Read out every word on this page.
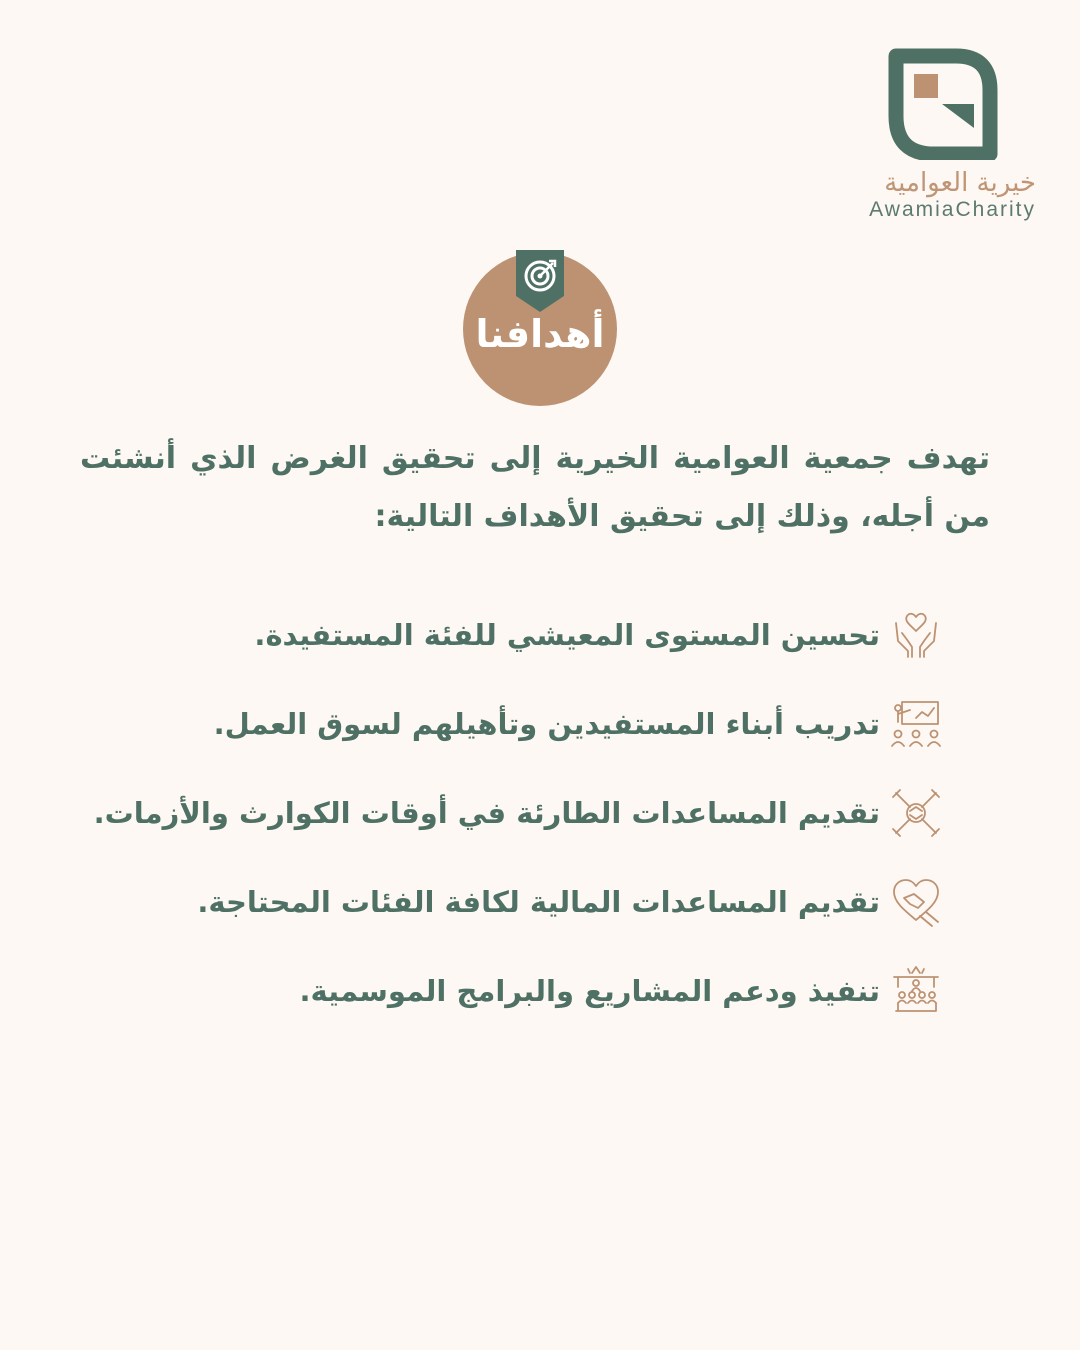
خيرية العوامية
AwamiaCharity
أهدافنا
تهدف جمعية العوامية الخيرية إلى تحقيق الغرض الذي أنشئت من أجله، وذلك إلى تحقيق الأهداف التالية:
تحسين المستوى المعيشي للفئة المستفيدة.
تدريب أبناء المستفيدين وتأهيلهم لسوق العمل.
تقديم المساعدات الطارئة في أوقات الكوارث والأزمات.
تقديم المساعدات المالية لكافة الفئات المحتاجة.
تنفيذ ودعم المشاريع والبرامج الموسمية.
